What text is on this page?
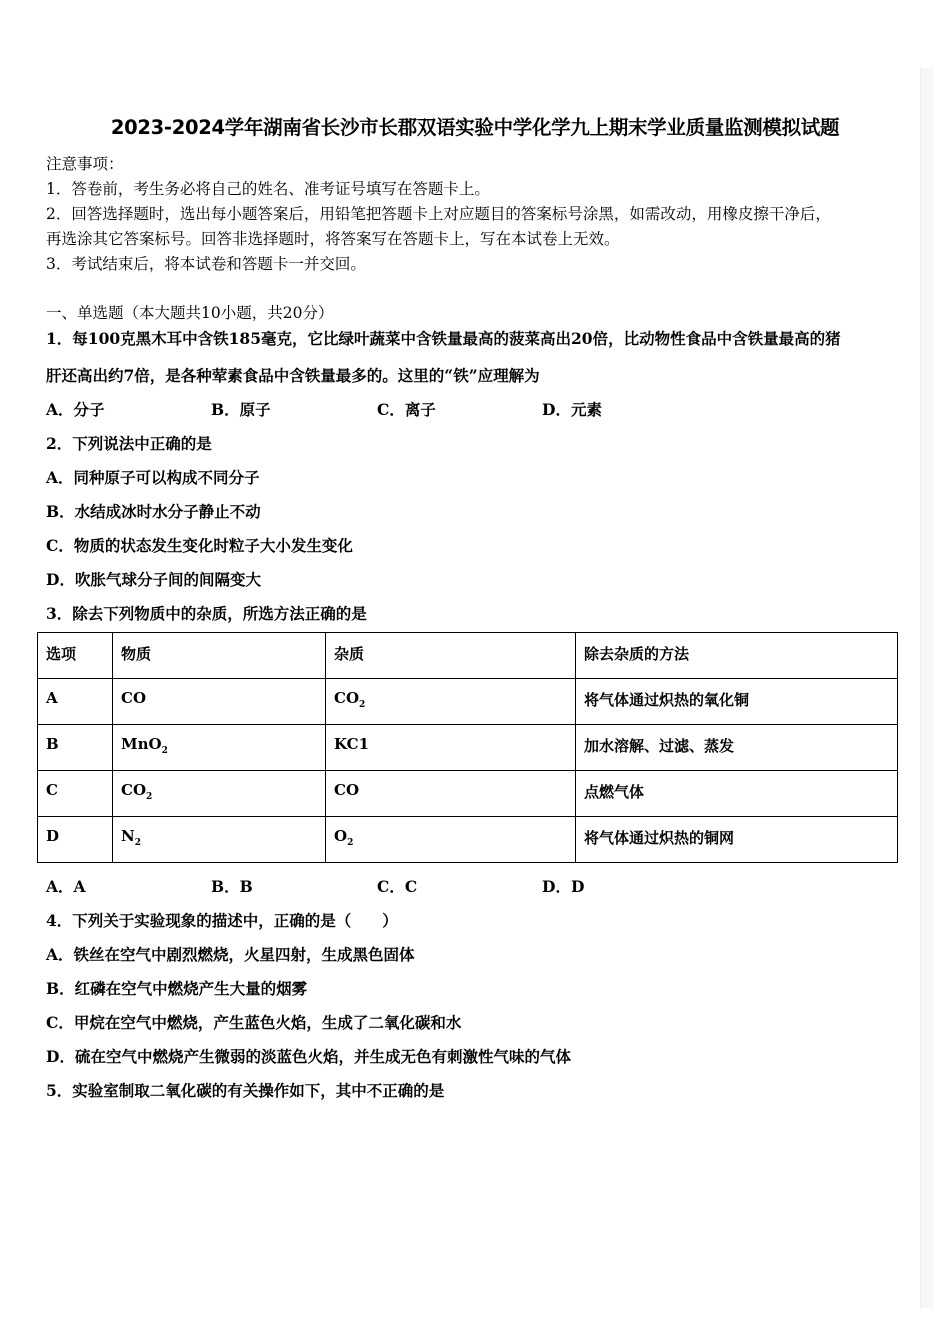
2023-2024学年湖南省长沙市长郡双语实验中学化学九上期末学业质量监测模拟试题
注意事项：
1．答卷前，考生务必将自己的姓名、准考证号填写在答题卡上。
2．回答选择题时，选出每小题答案后，用铅笔把答题卡上对应题目的答案标号涂黑，如需改动，用橡皮擦干净后，
再选涂其它答案标号。回答非选择题时，将答案写在答题卡上，写在本试卷上无效。
3．考试结束后，将本试卷和答题卡一并交回。
一、单选题（本大题共10小题，共20分）
1．每100克黑木耳中含铁185毫克，它比绿叶蔬菜中含铁量最高的菠菜高出20倍，比动物性食品中含铁量最高的猪
肝还高出约7倍，是各种荤素食品中含铁量最多的。这里的“铁”应理解为
A．分子	B．原子	C．离子	D．元素
2．下列说法中正确的是
A．同种原子可以构成不同分子
B．水结成冰时水分子静止不动
C．物质的状态发生变化时粒子大小发生变化
D．吹胀气球分子间的间隔变大
3．除去下列物质中的杂质，所选方法正确的是
选项	物质	杂质	除去杂质的方法
A	CO	$CO_2$	将气体通过炽热的氧化铜
B	MnO$_2$	KC1	加水溶解、过滤、蒸发
C	$CO_2$	CO	点燃气体
D	$N_2$	$O_2$	将气体通过炽热的铜网
A．A	B．B	C．C	D．D
4．下列关于实验现象的描述中，正确的是（　　）
A．铁丝在空气中剧烈燃烧，火星四射，生成黑色固体
B．红磷在空气中燃烧产生大量的烟雾
C．甲烷在空气中燃烧，产生蓝色火焰，生成了二氧化碳和水
D．硫在空气中燃烧产生微弱的淡蓝色火焰，并生成无色有刺激性气味的气体
5．实验室制取二氧化碳的有关操作如下，其中不正确的是
